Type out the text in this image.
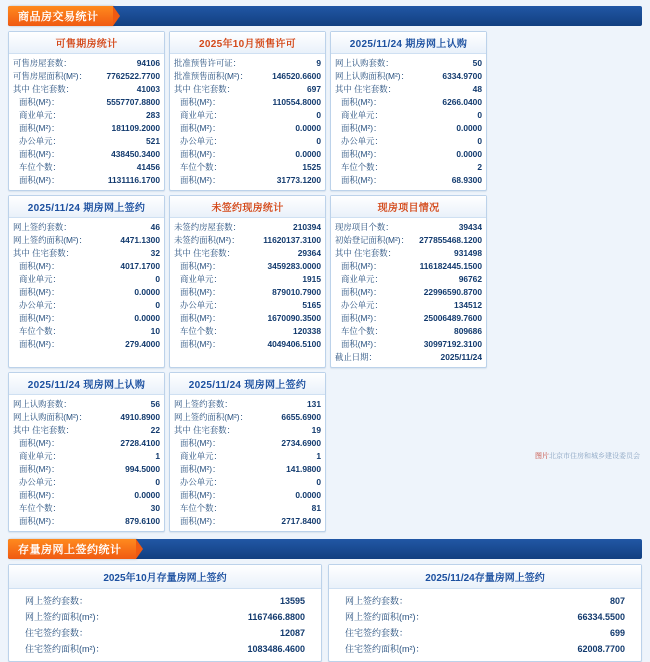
商品房交易统计
可售期房统计
可售房屋套数：	94106
可售房屋面积(M²)：	7762522.7700
其中 住宅套数：	41003
面积(M²)：	5557707.8800
商业单元：	283
面积(M²)：	181109.2000
办公单元：	521
面积(M²)：	438450.3400
车位个数：	41456
面积(M²)：	1131116.1700
2025年10月预售许可
批准预售许可证：	9
批准预售面积(M²)：	146520.6600
其中 住宅套数：	697
面积(M²)：	110554.8000
商业单元：	0
面积(M²)：	0.0000
办公单元：	0
面积(M²)：	0.0000
车位个数：	1525
面积(M²)：	31773.1200
2025/11/24 期房网上认购
网上认购套数：	50
网上认购面积(M²)：	6334.9700
其中 住宅套数：	48
面积(M²)：	6266.0400
商业单元：	0
面积(M²)：	0.0000
办公单元：	0
面积(M²)：	0.0000
车位个数：	2
面积(M²)：	68.9300
2025/11/24 期房网上签约
网上签约套数：	46
网上签约面积(M²)：	4471.1300
其中 住宅套数：	32
面积(M²)：	4017.1700
商业单元：	0
面积(M²)：	0.0000
办公单元：	0
面积(M²)：	0.0000
车位个数：	10
面积(M²)：	279.4000
未签约现房统计
未签约房屋套数：	210394
未签约面积(M²)：	11620137.3100
其中 住宅套数：	29364
面积(M²)：	3459283.0000
商业单元：	1915
面积(M²)：	879010.7900
办公单元：	5165
面积(M²)：	1670090.3500
车位个数：	120338
面积(M²)：	4049406.5100
现房项目情况
现房项目个数：	39434
初始登记面积(M²)：	277855468.1200
其中 住宅套数：	931498
面积(M²)：	116182445.1500
商业单元：	96762
面积(M²)：	22996590.8700
办公单元：	134512
面积(M²)：	25006489.7600
车位个数：	809686
面积(M²)：	30997192.3100
截止日期：	2025/11/24
2025/11/24 现房网上认购
网上认购套数：	56
网上认购面积(M²)：	4910.8900
其中 住宅套数：	22
面积(M²)：	2728.4100
商业单元：	1
面积(M²)：	994.5000
办公单元：	0
面积(M²)：	0.0000
车位个数：	30
面积(M²)：	879.6100
2025/11/24 现房网上签约
网上签约套数：	131
网上签约面积(M²)：	6655.6900
其中 住宅套数：	19
面积(M²)：	2734.6900
商业单元：	1
面积(M²)：	141.9800
办公单元：	0
面积(M²)：	0.0000
车位个数：	81
面积(M²)：	2717.8400
存量房网上签约统计
2025年10月存量房网上签约
网上签约套数：	13595
网上签约面积(m²)：	1167466.8800
住宅签约套数：	12087
住宅签约面积(m²)：	1083486.4600
2025/11/24存量房网上签约
网上签约套数：	807
网上签约面积(m²)：	66334.5500
住宅签约套数：	699
住宅签约面积(m²)：	62008.7700
图片北京市住房和城乡建设委员会
